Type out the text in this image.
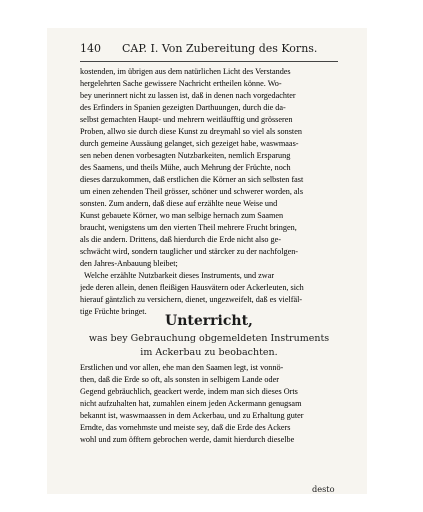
140 CAP. I. Von Zubereitung des Korns.
kostenden, im übrigen aus dem natürlichen Licht des Verstandes
hergelehrten Sache gewissere Nachricht ertheilen könne. Wo-
bey unerinnert nicht zu lassen ist, daß in denen nach vorgedachter
des Erfinders in Spanien gezeigten Darthuungen, durch die da-
selbst gemachten Haupt- und mehrern weitläufftig und grösseren
Proben, allwo sie durch diese Kunst zu dreymahl so viel als sonsten
durch gemeine Aussäung gelanget, sich gezeiget habe, waswmaas-
sen neben denen vorbesagten Nutzbarkeiten, nemlich Ersparung
des Saamens, und theils Mühe, auch Mehrung der Früchte, noch
dieses darzukommen, daß erstlichen die Körner an sich selbsten fast
um einen zehenden Theil grösser, schöner und schwerer worden, als
sonsten. Zum andern, daß diese auf erzählte neue Weise und
Kunst gebauete Körner, wo man selbige hernach zum Saamen
braucht, wenigstens um den vierten Theil mehrere Frucht bringen,
als die andern. Drittens, daß hierdurch die Erde nicht also ge-
schwächt wird, sondern tauglicher und stärcker zu der nachfolgen-
den Jahres-Anbauung bleibet;
Welche erzählte Nutzbarkeit dieses Instruments, und zwar
jede deren allein, denen fleißigen Hausvätern oder Ackerleuten, sich
hierauf gäntzlich zu versichern, dienet, ungezweifelt, daß es vielfäl-
tige Früchte bringet.
Unterricht,
was bey Gebrauchung obgemeldeten Instruments
im Ackerbau zu beobachten.
Erstlichen und vor allen, ehe man den Saamen legt, ist vonnö-
then, daß die Erde so oft, als sonsten in selbigem Lande oder
Gegend gebräuchlich, geackert werde, indem man sich dieses Orts
nicht aufzuhalten hat, zumahlen einem jeden Ackermann genugsam
bekannt ist, waswmaassen in dem Ackerbau, und zu Erhaltung guter
Erndte, das vornehmste und meiste sey, daß die Erde des Ackers
wohl und zum öfftern gebrochen werde, damit hierdurch dieselbe
desto
